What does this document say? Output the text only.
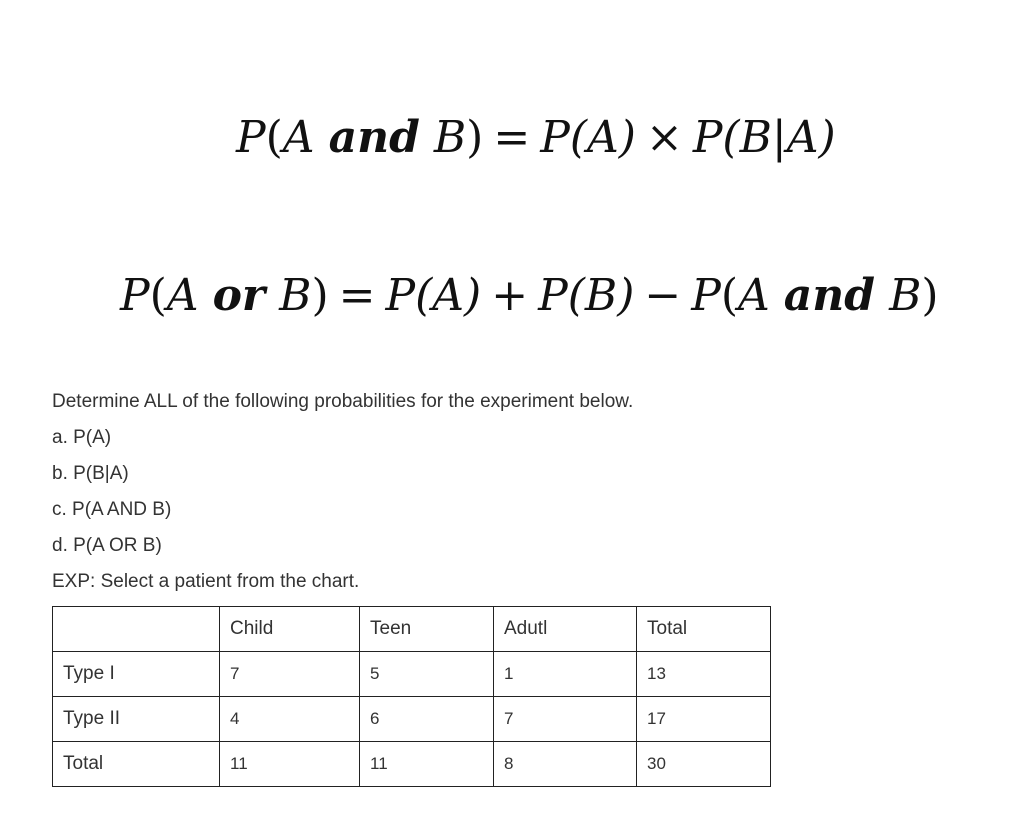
P(A and B) = P(A) × P(B|A)
P(A or B) = P(A) + P(B) − P(A and B)
Determine ALL of the following probabilities for the experiment below.
a. P(A)
b. P(B|A)
c. P(A AND B)
d. P(A OR B)
EXP: Select a patient from the chart.
	Child	Teen	Adutl	Total
Type I	7	5	1	13
Type II	4	6	7	17
Total	11	11	8	30
